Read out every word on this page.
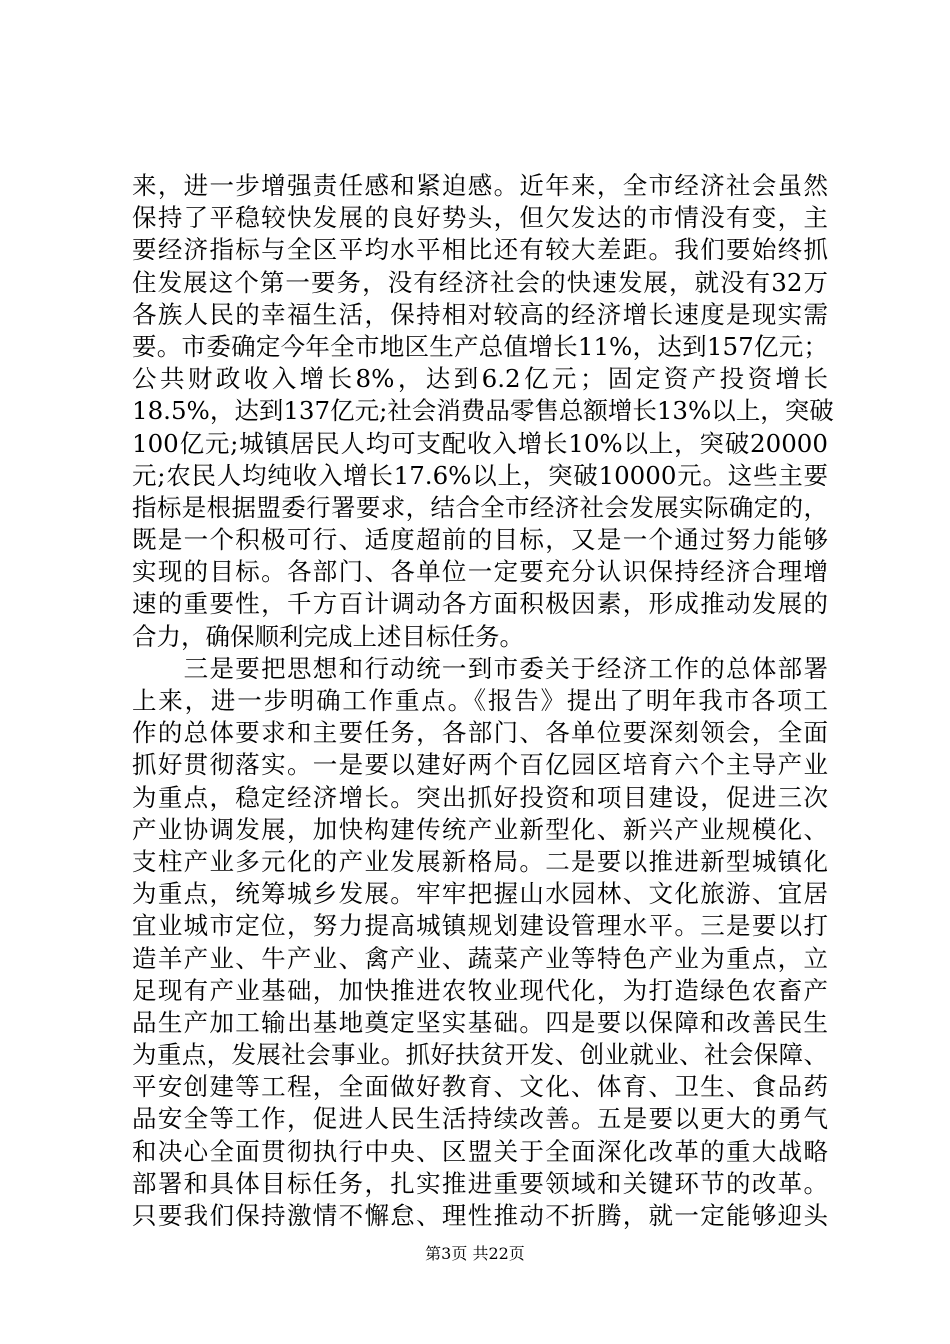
来，进一步增强责任感和紧迫感。近年来，全市经济社会虽然
保持了平稳较快发展的良好势头，但欠发达的市情没有变，主
要经济指标与全区平均水平相比还有较大差距。我们要始终抓
住发展这个第一要务，没有经济社会的快速发展，就没有32万
各族人民的幸福生活，保持相对较高的经济增长速度是现实需
要。市委确定今年全市地区生产总值增长11%，达到157亿元；
公共财政收入增长8%，达到6.2亿元；固定资产投资增长
18.5%，达到137亿元;社会消费品零售总额增长13%以上，突破
100亿元;城镇居民人均可支配收入增长10%以上，突破20000
元;农民人均纯收入增长17.6%以上，突破10000元。这些主要
指标是根据盟委行署要求，结合全市经济社会发展实际确定的，
既是一个积极可行、适度超前的目标，又是一个通过努力能够
实现的目标。各部门、各单位一定要充分认识保持经济合理增
速的重要性，千方百计调动各方面积极因素，形成推动发展的
合力，确保顺利完成上述目标任务。
　　三是要把思想和行动统一到市委关于经济工作的总体部署
上来，进一步明确工作重点。《报告》提出了明年我市各项工
作的总体要求和主要任务，各部门、各单位要深刻领会，全面
抓好贯彻落实。一是要以建好两个百亿园区培育六个主导产业
为重点，稳定经济增长。突出抓好投资和项目建设，促进三次
产业协调发展，加快构建传统产业新型化、新兴产业规模化、
支柱产业多元化的产业发展新格局。二是要以推进新型城镇化
为重点，统筹城乡发展。牢牢把握山水园林、文化旅游、宜居
宜业城市定位，努力提高城镇规划建设管理水平。三是要以打
造羊产业、牛产业、禽产业、蔬菜产业等特色产业为重点，立
足现有产业基础，加快推进农牧业现代化，为打造绿色农畜产
品生产加工输出基地奠定坚实基础。四是要以保障和改善民生
为重点，发展社会事业。抓好扶贫开发、创业就业、社会保障、
平安创建等工程，全面做好教育、文化、体育、卫生、食品药
品安全等工作，促进人民生活持续改善。五是要以更大的勇气
和决心全面贯彻执行中央、区盟关于全面深化改革的重大战略
部署和具体目标任务，扎实推进重要领域和关键环节的改革。
只要我们保持激情不懈怠、理性推动不折腾，就一定能够迎头
第3页 共22页
